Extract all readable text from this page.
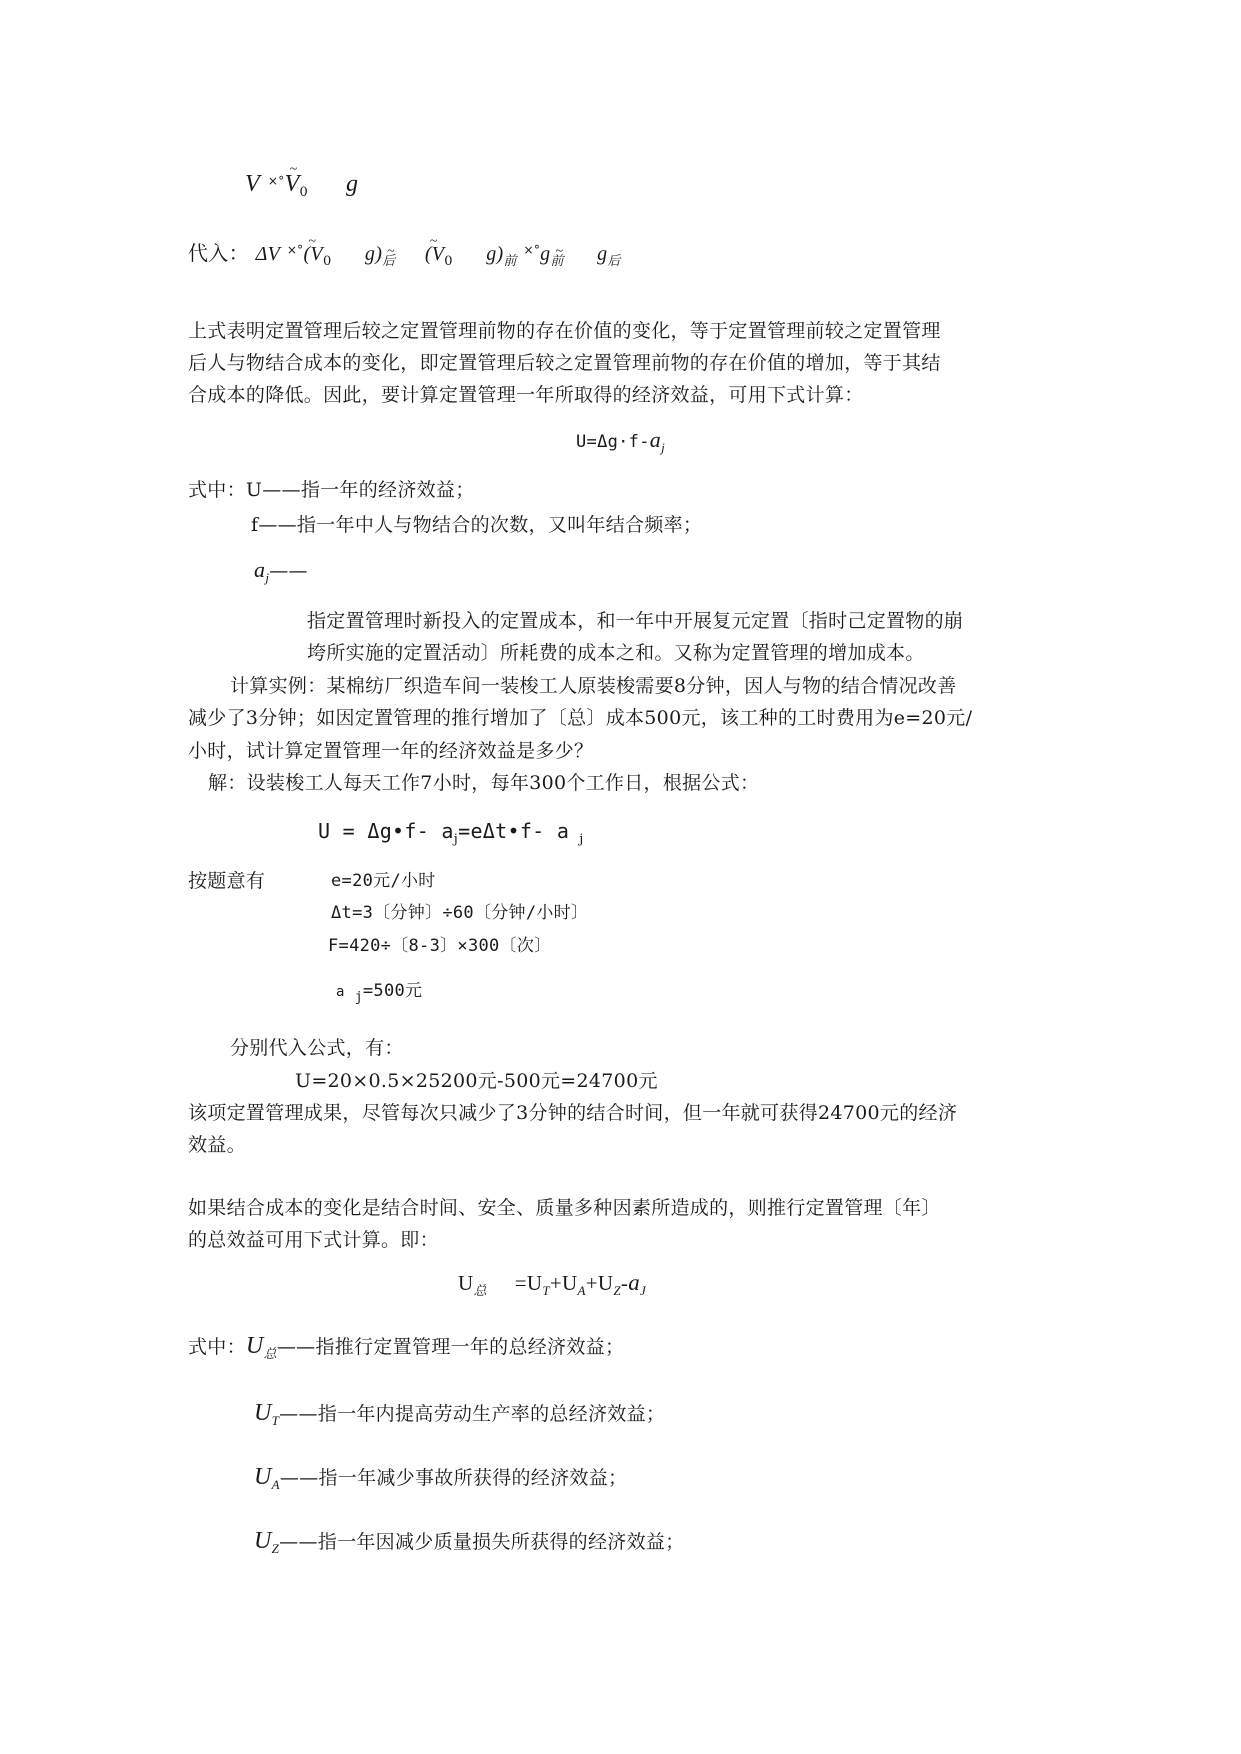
V ×°~ $V_0$ g
代入： ΔV ×°~ ($V_0$ g)~ $_后$  ~ ($V_0$ $g)_前$ ×°g~ $_前$ $g_后$
上式表明定置管理后较之定置管理前物的存在价值的变化，等于定置管理前较之定置管理
后人与物结合成本的变化，即定置管理后较之定置管理前物的存在价值的增加，等于其结
合成本的降低。因此，要计算定置管理一年所取得的经济效益，可用下式计算：
$U=\Delta g\cdot f-a_j$
式中：U——指一年的经济效益；
f——指一年中人与物结合的次数，又叫年结合频率；
$a_j——$
指定置管理时新投入的定置成本，和一年中开展复元定置〔指时己定置物的崩
垮所实施的定置活动〕所耗费的成本之和。又称为定置管理的增加成本。
计算实例：某棉纺厂织造车间一装梭工人原装梭需要8分钟，因人与物的结合情况改善
减少了3分钟；如因定置管理的推行增加了〔总〕成本500元，该工种的工时费用为e=20元/
小时，试计算定置管理一年的经济效益是多少？
解：设装梭工人每天工作7小时，每年300个工作日，根据公式：
U = Δg•f- $a_j=e\Delta t•f-$ a $_j$
按题意有	e=20元/小时
Δt=3〔分钟〕÷60〔分钟/小时〕
F=420÷〔8-3〕×300〔次〕
a $_j$=500元
分别代入公式，有：
U=20×0.5×25200元-500元=24700元
该项定置管理成果，尽管每次只减少了3分钟的结合时间，但一年就可获得24700元的经济
效益。
如果结合成本的变化是结合时间、安全、质量多种因素所造成的，则推行定置管理〔年〕
的总效益可用下式计算。即：
$U_总 =U_T+U_A+U_Z-a_J$
式中：$U_总——$指推行定置管理一年的总经济效益；
$U_T——$指一年内提高劳动生产率的总经济效益；
$U_A——$指一年减少事故所获得的经济效益；
$U_Z——$指一年因减少质量损失所获得的经济效益；
